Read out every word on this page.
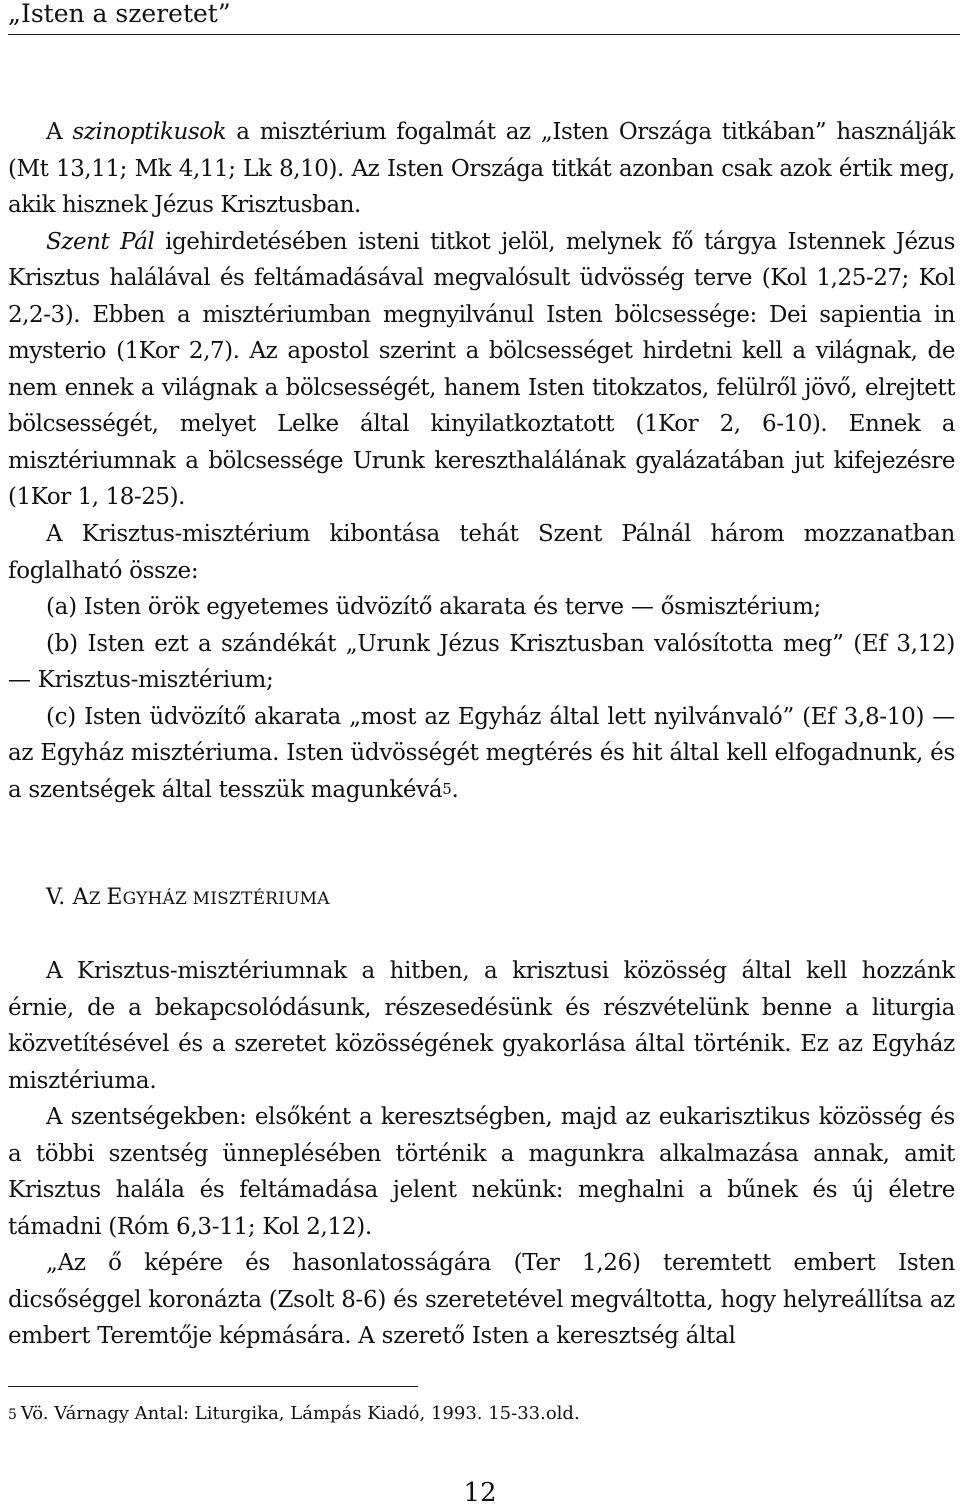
„Isten a szeretet”

A szinoptikusok a misztérium fogalmát az „Isten Országa titkában” használják (Mt 13,11; Mk 4,11; Lk 8,10). Az Isten Országa titkát azonban csak azok értik meg, akik hisznek Jézus Krisztusban.
Szent Pál igehirdetésében isteni titkot jelöl, melynek fő tárgya Istennek Jézus Krisztus halálával és feltámadásával megvalósult üdvösség terve (Kol 1,25-27; Kol 2,2-3). Ebben a misztériumban megnyilvánul Isten bölcsessége: Dei sapientia in mysterio (1Kor 2,7). Az apostol szerint a bölcsességet hirdetni kell a világnak, de nem ennek a világnak a bölcsességét, hanem Isten titokzatos, felülről jövő, elrejtett bölcsességét, melyet Lelke által kinyilatkoztatott (1Kor 2, 6-10). Ennek a misztériumnak a bölcsessége Urunk kereszthalálának gyalázatában jut kifejezésre (1Kor 1, 18-25).

A Krisztus-misztérium kibontása tehát Szent Pálnál három mozzanatban foglalható össze:

(a) Isten örök egyetemes üdvözítő akarata és terve — ősmisztérium;

(b) Isten ezt a szándékát „Urunk Jézus Krisztusban valósította meg” (Ef 3,12) — Krisztus-misztérium;

(c) Isten üdvözítő akarata „most az Egyház által lett nyilvánvaló” (Ef 3,8-10) — az Egyház misztériuma. Isten üdvösségét megtérés és hit által kell elfogadnunk, és a szentségek által tesszük magunkévá$^5$.

V. AZ EGYHÁZ MISZTÉRIUMA

A Krisztus-misztériumnak a hitben, a krisztusi közösség által kell hozzánk érnie, de a bekapcsolódásunk, részesedésünk és részvételünk benne a liturgia közvetítésével és a szeretet közösségének gyakorlása által történik. Ez az Egyház misztériuma.

A szentségekben: elsőként a keresztségben, majd az eukarisztikus közösség és a többi szentség ünneplésében történik a magunkra alkalmazása annak, amit Krisztus halála és feltámadása jelent nekünk: meghalni a bűnek és új életre támadni (Róm 6,3-11; Kol 2,12).

„Az ő képére és hasonlatosságára (Ter 1,26) teremtett embert Isten dicsőséggel koronázta (Zsolt 8-6) és szeretetével megváltotta, hogy helyreállítsa az embert Teremtője képmására. A szerető Isten a keresztség által

$^5$ Vö. Várnagy Antal: Liturgika, Lámpás Kiadó, 1993. 15-33.old.
12
